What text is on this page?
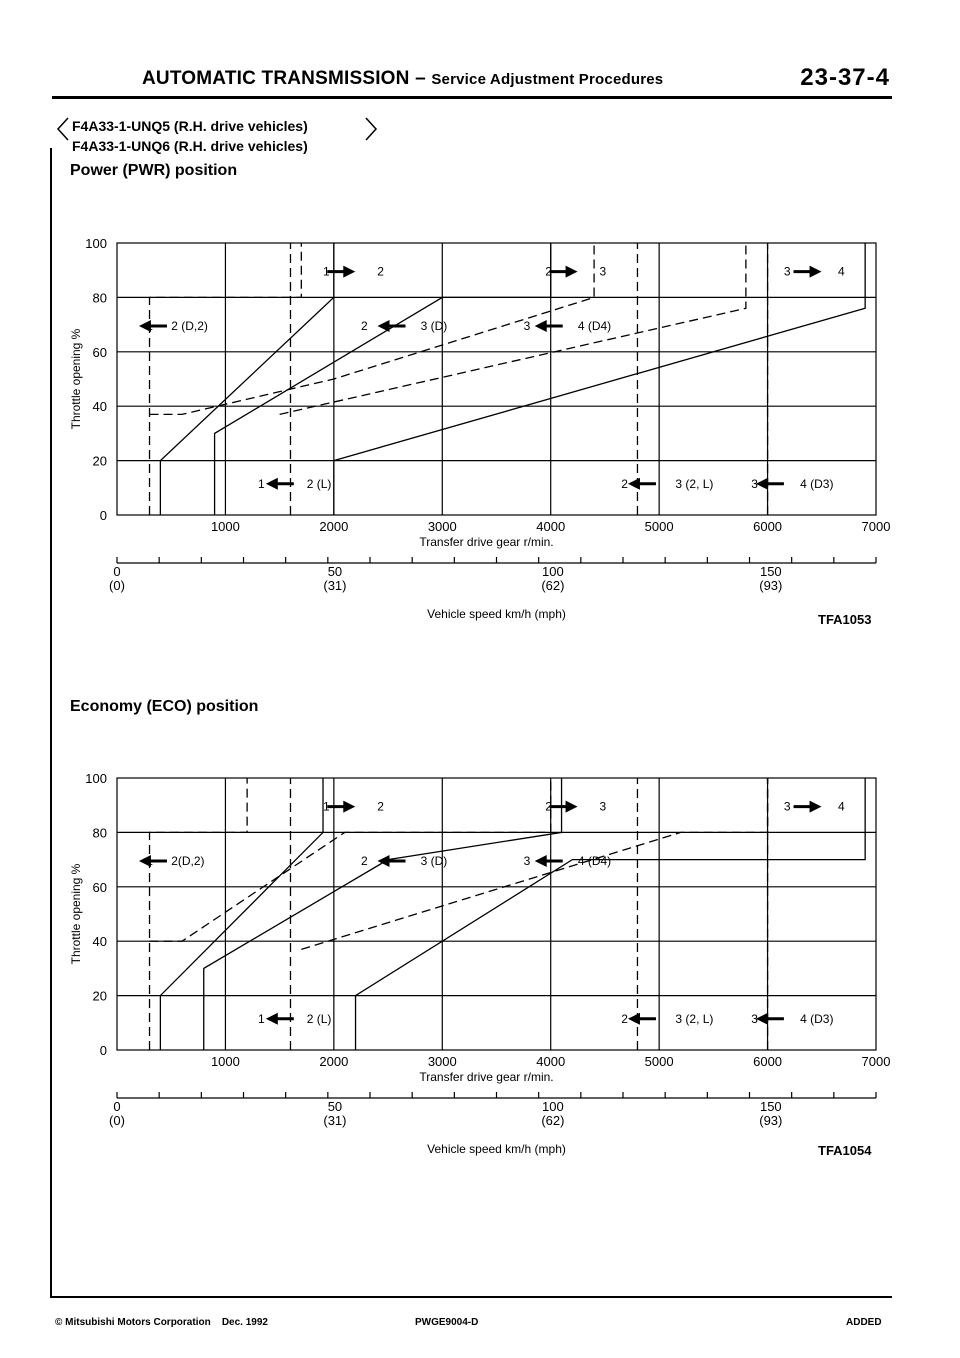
AUTOMATIC TRANSMISSION – Service Adjustment Procedures	23-37-4
F4A33-1-UNQ5 (R.H. drive vehicles)
F4A33-1-UNQ6 (R.H. drive vehicles)
Power (PWR) position
Economy (ECO) position
TFA1053
TFA1054
0
20
40
60
80
100
1000	2000	3000	4000	5000	6000	7000
Throttle opening %
Transfer drive gear r/min.
0
(0)
50
(31)
100
(62)
150
(93)
Vehicle speed km/h (mph)
1	2	2	3	3	4
1 2 (D,2)	2	3 (D)	3	4 (D4)
1	2 (L)	2	3 (2, L)	3	4 (D3)
0
20
40
60
80
100
1000	2000	3000	4000	5000	6000	7000
Throttle opening %
Transfer drive gear r/min.
0
(0)
50
(31)
100
(62)
150
(93)
Vehicle speed km/h (mph)
1	2	2	3	3	4
1 2(D,2)	2	3 (D)	3	4 (D4)
1	2 (L)	2	3 (2, L)	3	4 (D3)
© Mitsubishi Motors Corporation Dec. 1992	PWGE9004-D	ADDED
